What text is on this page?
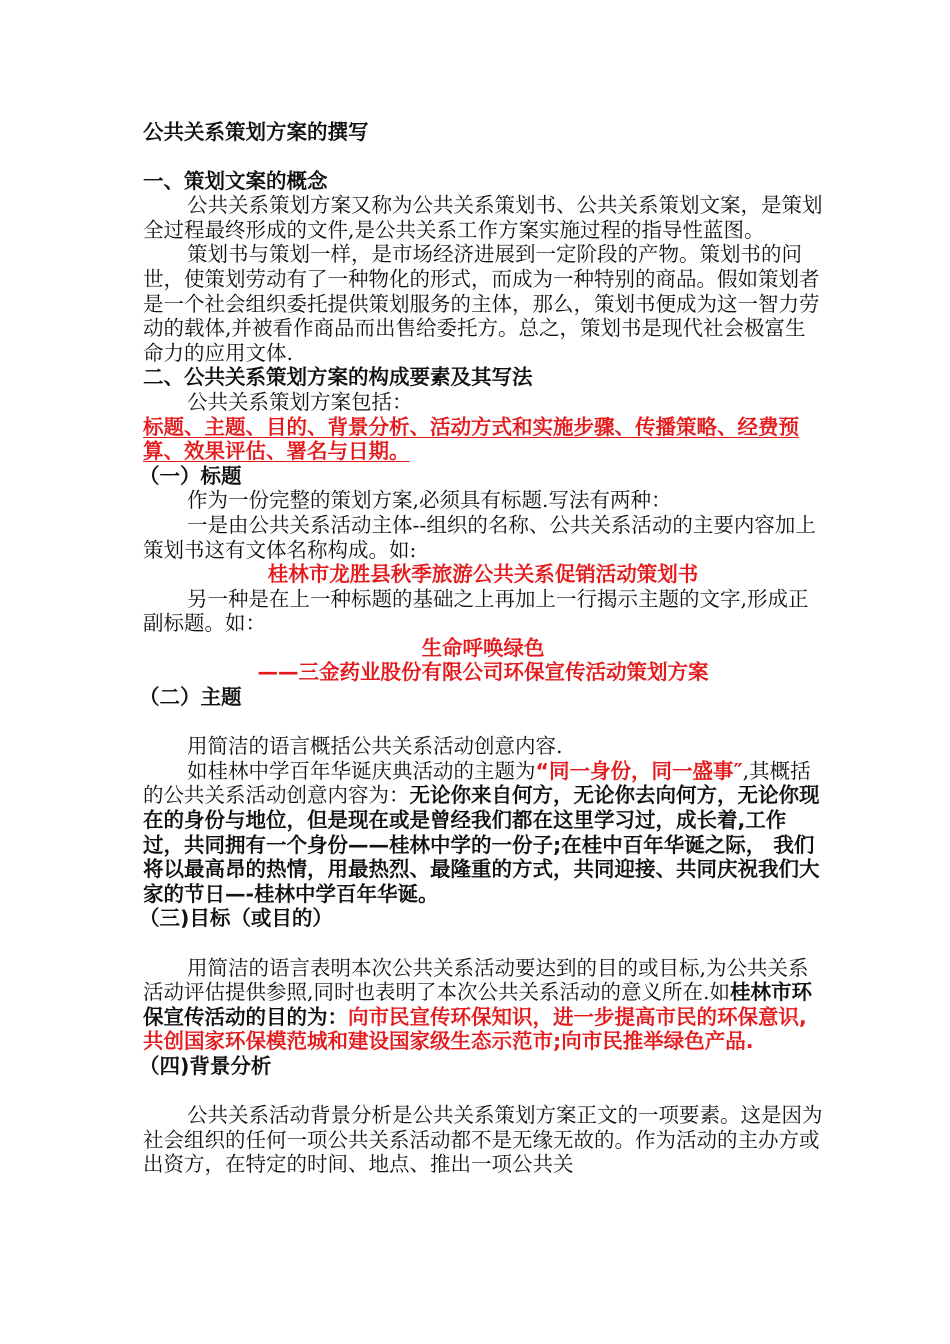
公共关系策划方案的撰写

一、策划文案的概念

公共关系策划方案又称为公共关系策划书、公共关系策划文案，是策划全过程最终形成的文件,是公共关系工作方案实施过程的指导性蓝图。

策划书与策划一样，是市场经济进展到一定阶段的产物。策划书的问世，使策划劳动有了一种物化的形式，而成为一种特别的商品。假如策划者是一个社会组织委托提供策划服务的主体，那么，策划书便成为这一智力劳动的载体,并被看作商品而出售给委托方。总之，策划书是现代社会极富生命力的应用文体.

二、公共关系策划方案的构成要素及其写法

公共关系策划方案包括：

标题、主题、目的、背景分析、活动方式和实施步骤、传播策略、经费预算、效果评估、署名与日期。

（一）标题

作为一份完整的策划方案,必须具有标题.写法有两种：

一是由公共关系活动主体--组织的名称、公共关系活动的主要内容加上策划书这有文体名称构成。如:

桂林市龙胜县秋季旅游公共关系促销活动策划书

另一种是在上一种标题的基础之上再加上一行揭示主题的文字,形成正副标题。如：

生命呼唤绿色

——三金药业股份有限公司环保宣传活动策划方案

（二）主题

用简洁的语言概括公共关系活动创意内容.

如桂林中学百年华诞庆典活动的主题为“同一身份，同一盛事″,其概括的公共关系活动创意内容为：无论你来自何方，无论你去向何方，无论你现在的身份与地位，但是现在或是曾经我们都在这里学习过，成长着,工作过，共同拥有一个身份——桂林中学的一份子;在桂中百年华诞之际， 我们将以最高昂的热情，用最热烈、最隆重的方式，共同迎接、共同庆祝我们大家的节日—-桂林中学百年华诞。

（三)目标（或目的）

用简洁的语言表明本次公共关系活动要达到的目的或目标,为公共关系活动评估提供参照,同时也表明了本次公共关系活动的意义所在.如桂林市环保宣传活动的目的为：向市民宣传环保知识，进一步提高市民的环保意识,共创国家环保模范城和建设国家级生态示范市;向市民推举绿色产品.

（四)背景分析

公共关系活动背景分析是公共关系策划方案正文的一项要素。这是因为社会组织的任何一项公共关系活动都不是无缘无故的。作为活动的主办方或出资方，在特定的时间、地点、推出一项公共关
